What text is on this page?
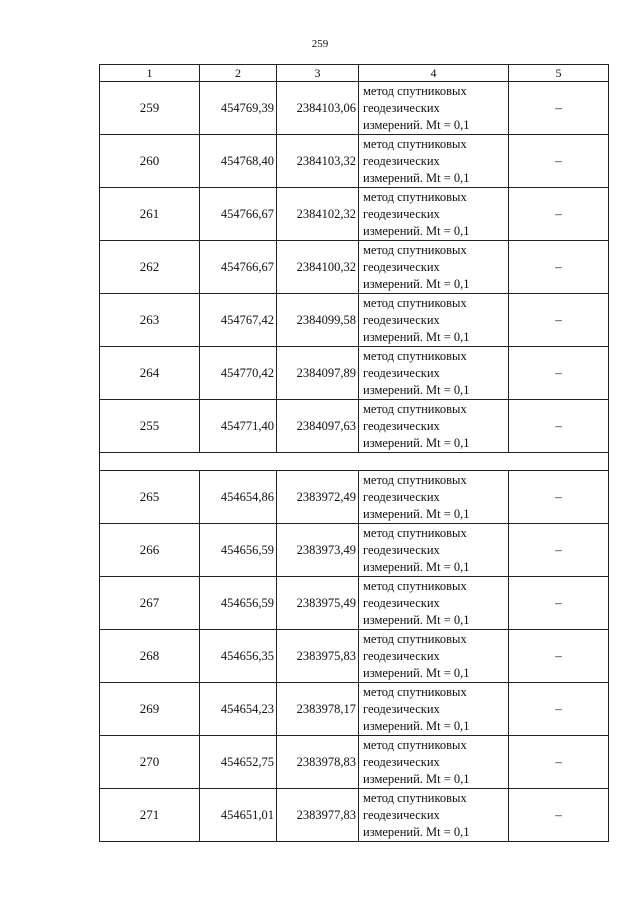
259
1	2	3	4	5
259	454769,39	2384103,06	метод спутниковых
геодезических
измерений. Mt = 0,1	–
260	454768,40	2384103,32	метод спутниковых
геодезических
измерений. Mt = 0,1	–
261	454766,67	2384102,32	метод спутниковых
геодезических
измерений. Mt = 0,1	–
262	454766,67	2384100,32	метод спутниковых
геодезических
измерений. Mt = 0,1	–
263	454767,42	2384099,58	метод спутниковых
геодезических
измерений. Mt = 0,1	–
264	454770,42	2384097,89	метод спутниковых
геодезических
измерений. Mt = 0,1	–
255	454771,40	2384097,63	метод спутниковых
геодезических
измерений. Mt = 0,1	–

265	454654,86	2383972,49	метод спутниковых
геодезических
измерений. Mt = 0,1	–
266	454656,59	2383973,49	метод спутниковых
геодезических
измерений. Mt = 0,1	–
267	454656,59	2383975,49	метод спутниковых
геодезических
измерений. Mt = 0,1	–
268	454656,35	2383975,83	метод спутниковых
геодезических
измерений. Mt = 0,1	–
269	454654,23	2383978,17	метод спутниковых
геодезических
измерений. Mt = 0,1	–
270	454652,75	2383978,83	метод спутниковых
геодезических
измерений. Mt = 0,1	–
271	454651,01	2383977,83	метод спутниковых
геодезических
измерений. Mt = 0,1	–
